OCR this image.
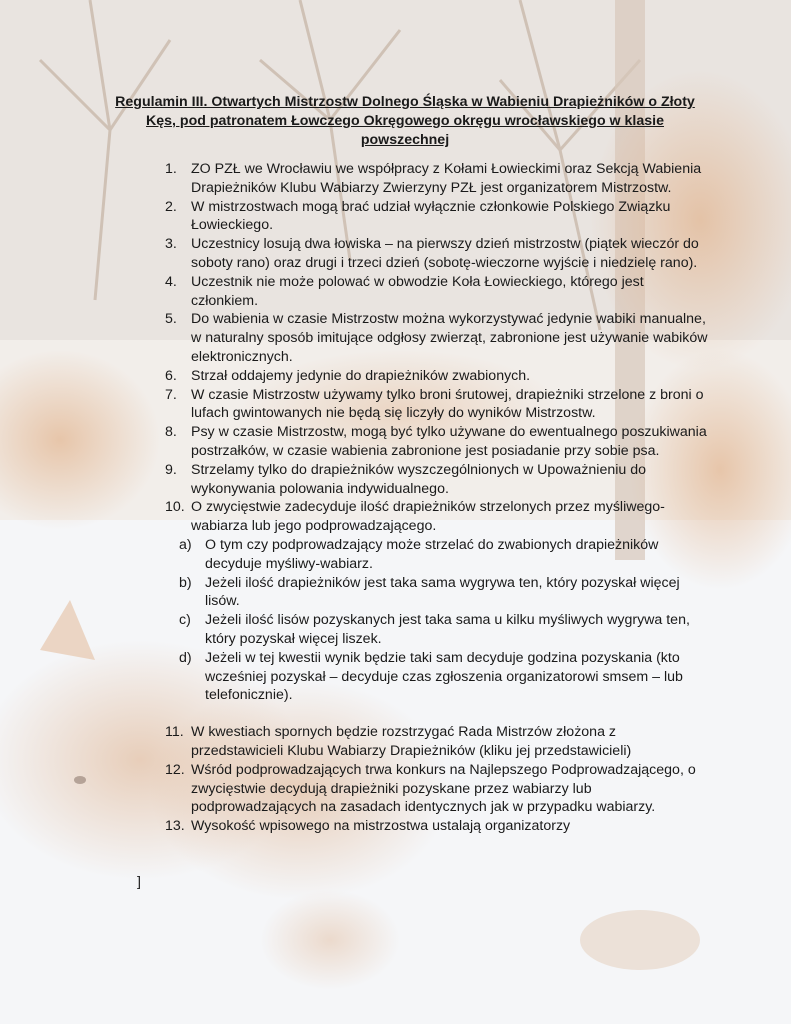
Regulamin III. Otwartych Mistrzostw Dolnego Śląska w Wabieniu Drapieżników o Złoty Kęs, pod patronatem Łowczego Okręgowego okręgu wrocławskiego w klasie powszechnej
1. ZO PZŁ we Wrocławiu we współpracy z Kołami Łowieckimi oraz Sekcją Wabienia Drapieżników Klubu Wabiarzy Zwierzyny PZŁ jest organizatorem Mistrzostw.
2. W mistrzostwach mogą brać udział wyłącznie członkowie Polskiego Związku Łowieckiego.
3. Uczestnicy losują dwa łowiska – na pierwszy dzień mistrzostw (piątek wieczór do soboty rano) oraz drugi i trzeci dzień (sobotę-wieczorne wyjście i niedzielę rano).
4. Uczestnik nie może polować w obwodzie Koła Łowieckiego, którego jest członkiem.
5. Do wabienia w czasie Mistrzostw można wykorzystywać jedynie wabiki manualne, w naturalny sposób imitujące odgłosy zwierząt, zabronione jest używanie wabików elektronicznych.
6. Strzał oddajemy jedynie do drapieżników zwabionych.
7. W czasie Mistrzostw używamy tylko broni śrutowej, drapieżniki strzelone z broni o lufach gwintowanych nie będą się liczyły do wyników Mistrzostw.
8. Psy w czasie Mistrzostw, mogą być tylko używane do ewentualnego poszukiwania postrzałków, w czasie wabienia zabronione jest posiadanie przy sobie psa.
9. Strzelamy tylko do drapieżników wyszczególnionych w Upoważnieniu do wykonywania polowania indywidualnego.
10. O zwycięstwie zadecyduje ilość drapieżników strzelonych przez myśliwego-wabiarza lub jego podprowadzającego.
a) O tym czy podprowadzający może strzelać do zwabionych drapieżników decyduje myśliwy-wabiarz.
b) Jeżeli ilość drapieżników jest taka sama wygrywa ten, który pozyskał więcej lisów.
c) Jeżeli ilość lisów pozyskanych jest taka sama u kilku myśliwych wygrywa ten, który pozyskał więcej liszek.
d) Jeżeli w tej kwestii wynik będzie taki sam decyduje godzina pozyskania (kto wcześniej pozyskał – decyduje czas zgłoszenia organizatorowi smsem – lub telefonicznie).
11. W kwestiach spornych będzie rozstrzygać Rada Mistrzów złożona z przedstawicieli Klubu Wabiarzy Drapieżników (kliku jej przedstawicieli)
12. Wśród podprowadzających trwa konkurs na Najlepszego Podprowadzającego, o zwycięstwie decydują drapieżniki pozyskane przez wabiarzy lub podprowadzających na zasadach identycznych jak w przypadku wabiarzy.
13. Wysokość wpisowego na mistrzostwa ustalają organizatorzy
]
